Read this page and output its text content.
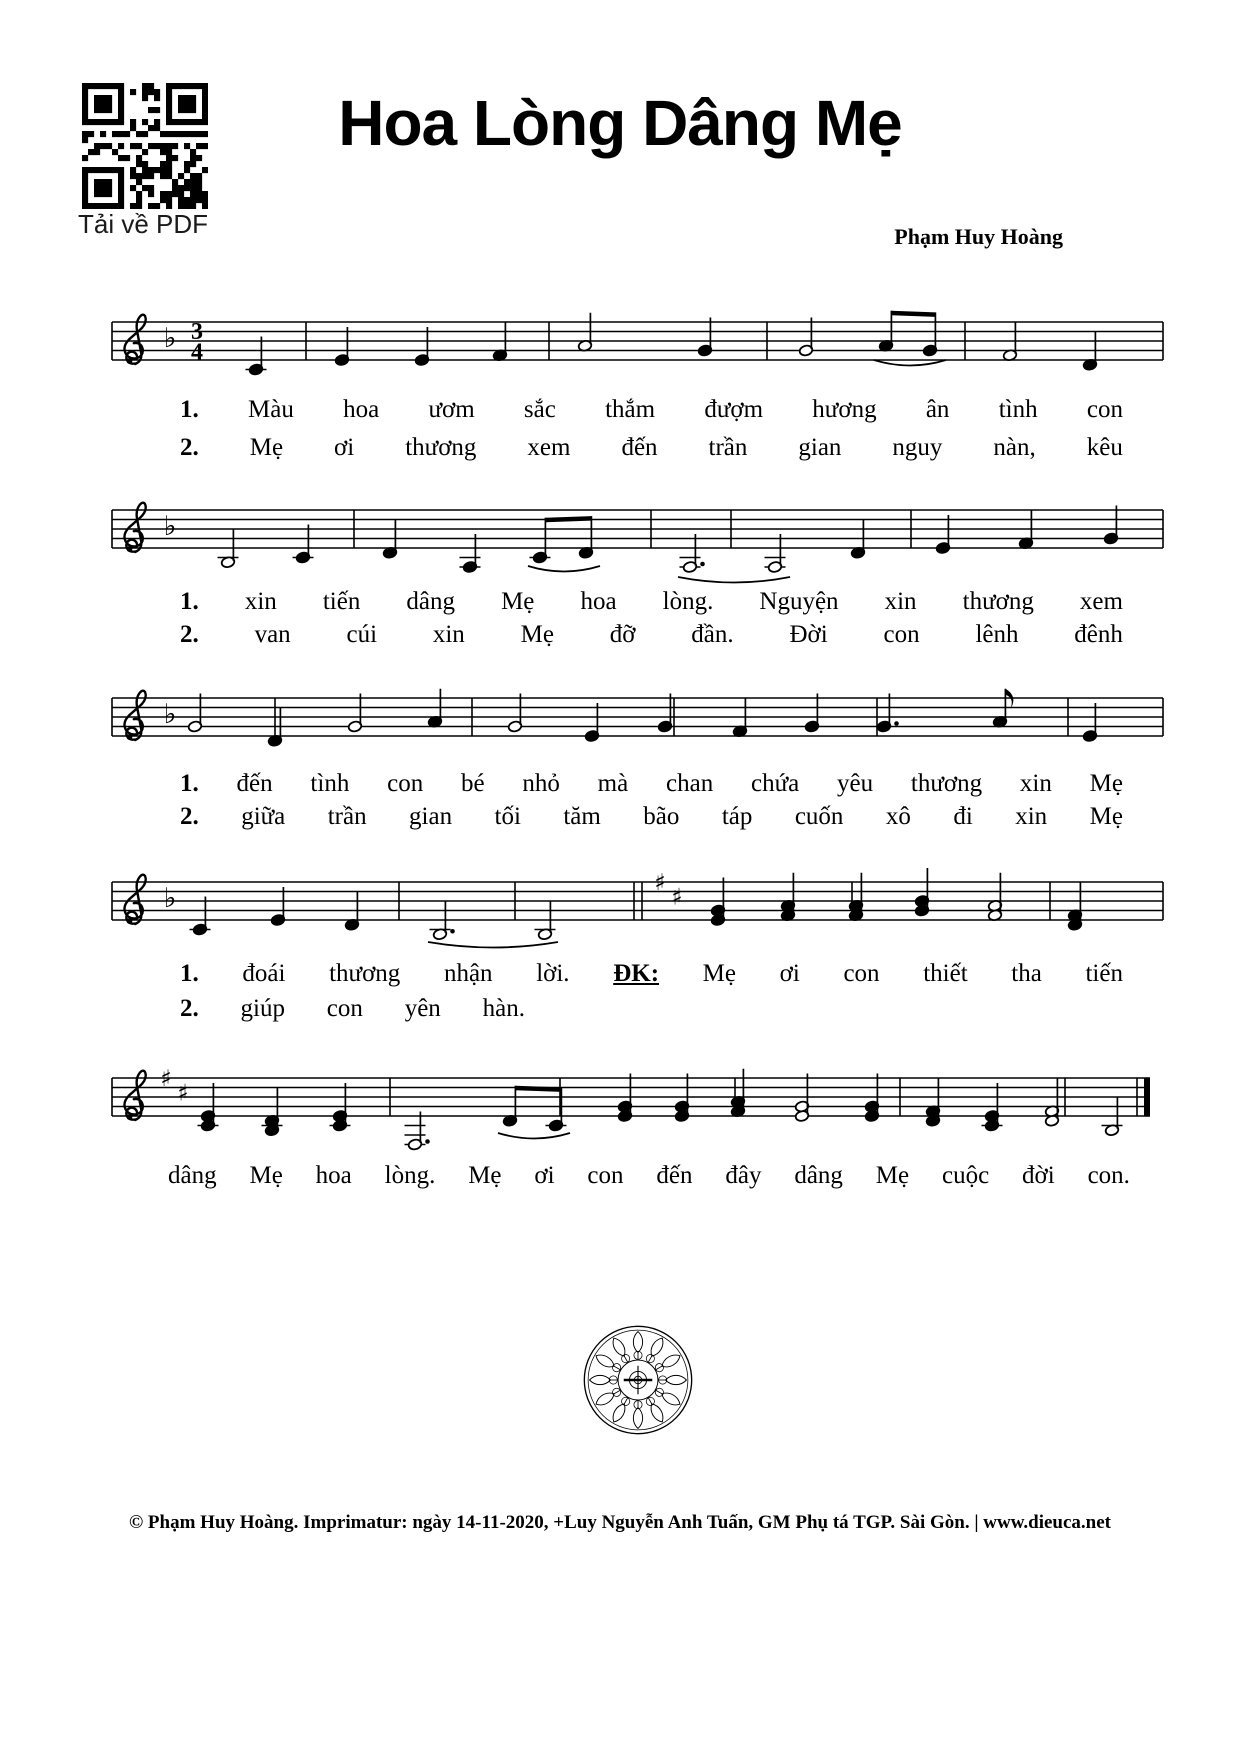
Tải về PDF
Hoa Lòng Dâng Mẹ
Phạm Huy Hoàng
♭ 3
4
♭
♭
♭	♯
♯
♯
♯
1. Màu hoa ươm sắc thắm đượm hương ân tình con
2. Mẹ ơi thương xem đến trần gian nguy nàn, kêu
1. xin tiến dâng Mẹ hoa lòng. Nguyện xin thương xem
2. van cúi xin Mẹ đỡ đần. Đời con lênh đênh
1. đến tình con bé nhỏ mà chan chứa yêu thương xin Mẹ
2. giữa trần gian tối tăm bão táp cuốn xô đi xin Mẹ
1. đoái thương nhận lời. ĐK: Mẹ ơi con thiết tha tiến
2. giúp con yên hàn.
dâng Mẹ hoa lòng. Mẹ ơi con đến đây dâng Mẹ cuộc đời con.
© Phạm Huy Hoàng. Imprimatur: ngày 14-11-2020, +Luy Nguyễn Anh Tuấn, GM Phụ tá TGP. Sài Gòn. | www.dieuca.net
